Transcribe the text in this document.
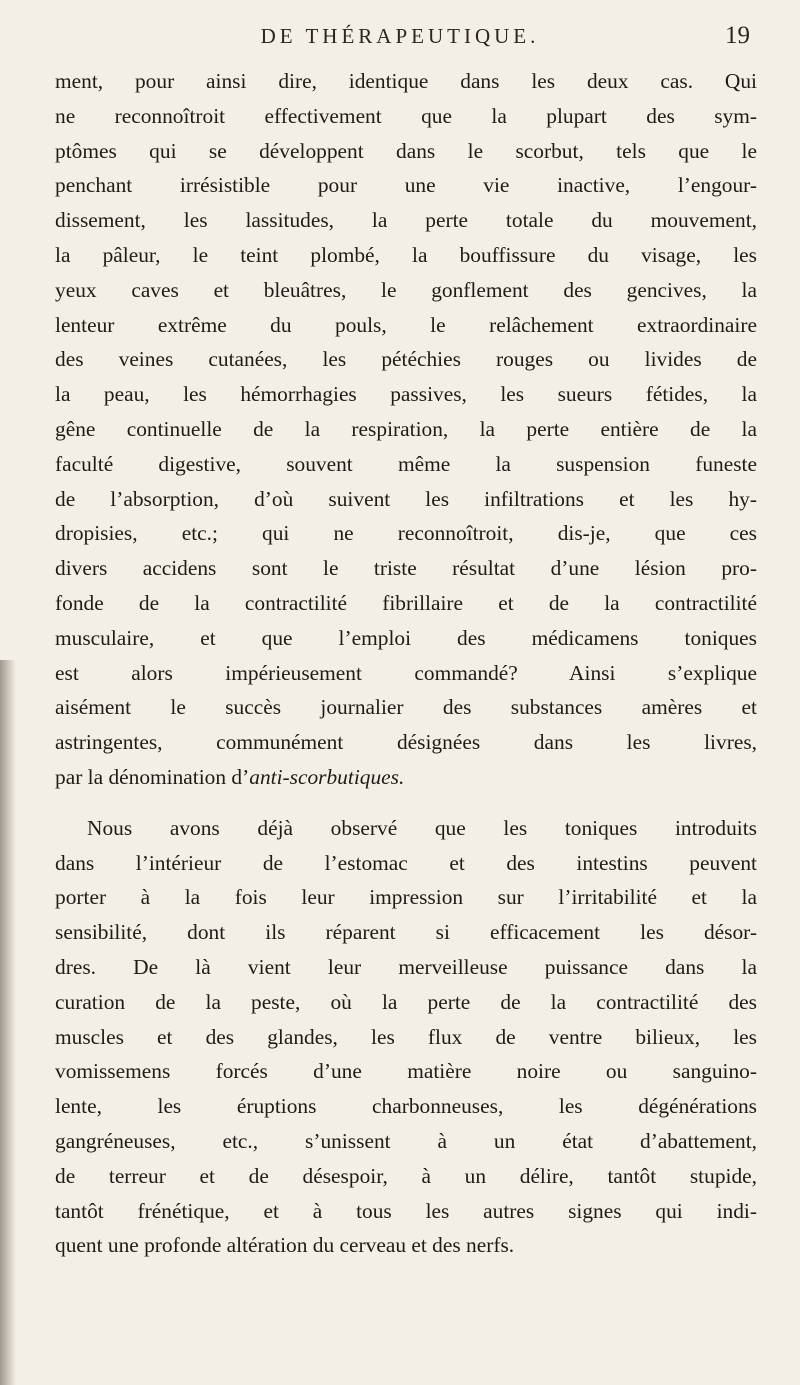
DE THÉRAPEUTIQUE.	19
ment, pour ainsi dire, identique dans les deux cas. Qui
ne reconnoîtroit effectivement que la plupart des sym-
ptômes qui se développent dans le scorbut, tels que le
penchant irrésistible pour une vie inactive, l’engour-
dissement, les lassitudes, la perte totale du mouvement,
la pâleur, le teint plombé, la bouffissure du visage, les
yeux caves et bleuâtres, le gonflement des gencives, la
lenteur extrême du pouls, le relâchement extraordinaire
des veines cutanées, les pétéchies rouges ou livides de
la peau, les hémorrhagies passives, les sueurs fétides, la
gêne continuelle de la respiration, la perte entière de la
faculté digestive, souvent même la suspension funeste
de l’absorption, d’où suivent les infiltrations et les hy-
dropisies, etc.; qui ne reconnoîtroit, dis-je, que ces
divers accidens sont le triste résultat d’une lésion pro-
fonde de la contractilité fibrillaire et de la contractilité
musculaire, et que l’emploi des médicamens toniques
est alors impérieusement commandé? Ainsi s’explique
aisément le succès journalier des substances amères et
astringentes, communément désignées dans les livres,
par la dénomination d’anti-scorbutiques.
Nous avons déjà observé que les toniques introduits
dans l’intérieur de l’estomac et des intestins peuvent
porter à la fois leur impression sur l’irritabilité et la
sensibilité, dont ils réparent si efficacement les désor-
dres. De là vient leur merveilleuse puissance dans la
curation de la peste, où la perte de la contractilité des
muscles et des glandes, les flux de ventre bilieux, les
vomissemens forcés d’une matière noire ou sanguino-
lente, les éruptions charbonneuses, les dégénérations
gangréneuses, etc., s’unissent à un état d’abattement,
de terreur et de désespoir, à un délire, tantôt stupide,
tantôt frénétique, et à tous les autres signes qui indi-
quent une profonde altération du cerveau et des nerfs.
